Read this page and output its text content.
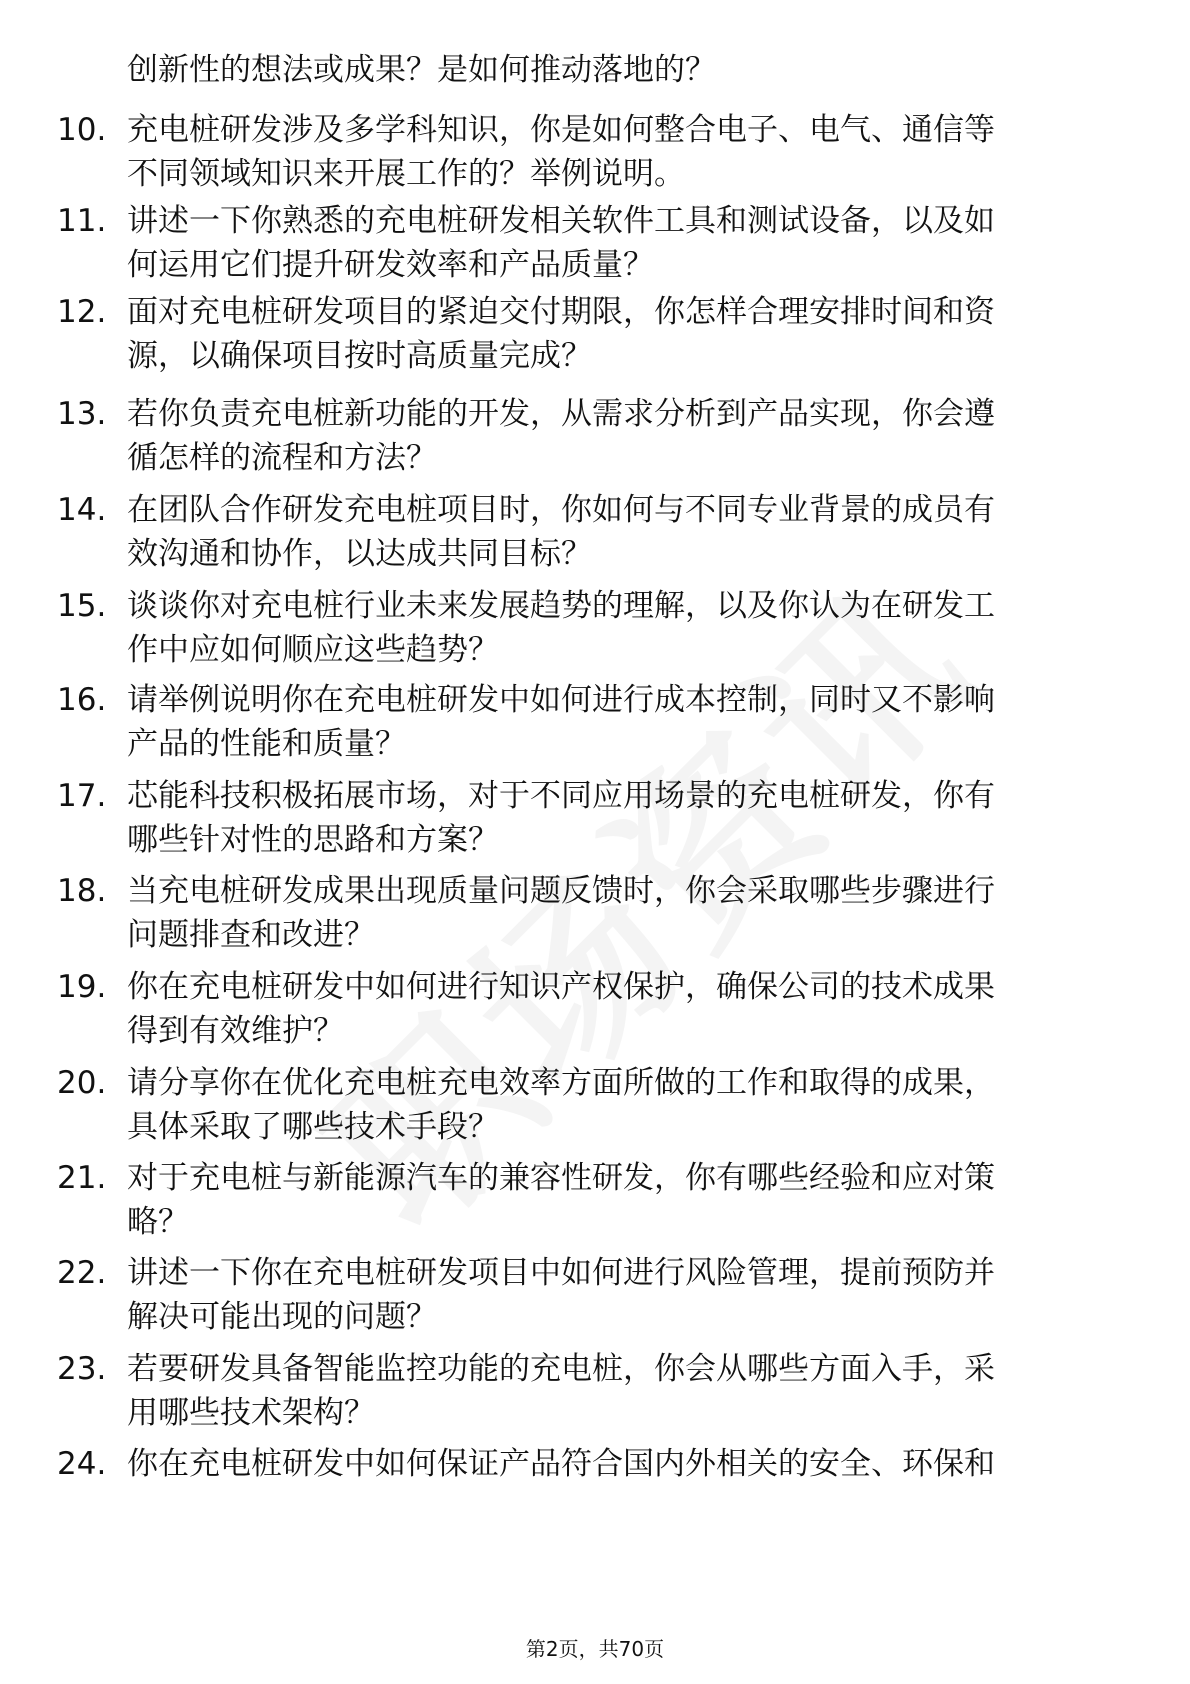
创新性的想法或成果？是如何推动落地的？
10. 充电桩研发涉及多学科知识，你是如何整合电子、电气、通信等
不同领域知识来开展工作的？举例说明。
11. 讲述一下你熟悉的充电桩研发相关软件工具和测试设备，以及如
何运用它们提升研发效率和产品质量？
12. 面对充电桩研发项目的紧迫交付期限，你怎样合理安排时间和资
源，以确保项目按时高质量完成？
13. 若你负责充电桩新功能的开发，从需求分析到产品实现，你会遵
循怎样的流程和方法？
14. 在团队合作研发充电桩项目时，你如何与不同专业背景的成员有
效沟通和协作，以达成共同目标？
15. 谈谈你对充电桩行业未来发展趋势的理解，以及你认为在研发工
作中应如何顺应这些趋势？
16. 请举例说明你在充电桩研发中如何进行成本控制，同时又不影响
产品的性能和质量？
17. 芯能科技积极拓展市场，对于不同应用场景的充电桩研发，你有
哪些针对性的思路和方案？
18. 当充电桩研发成果出现质量问题反馈时，你会采取哪些步骤进行
问题排查和改进？
19. 你在充电桩研发中如何进行知识产权保护，确保公司的技术成果
得到有效维护？
20. 请分享你在优化充电桩充电效率方面所做的工作和取得的成果，
具体采取了哪些技术手段？
21. 对于充电桩与新能源汽车的兼容性研发，你有哪些经验和应对策
略？
22. 讲述一下你在充电桩研发项目中如何进行风险管理，提前预防并
解决可能出现的问题？
23. 若要研发具备智能监控功能的充电桩，你会从哪些方面入手，采
用哪些技术架构？
24. 你在充电桩研发中如何保证产品符合国内外相关的安全、环保和
第2页，共70页
